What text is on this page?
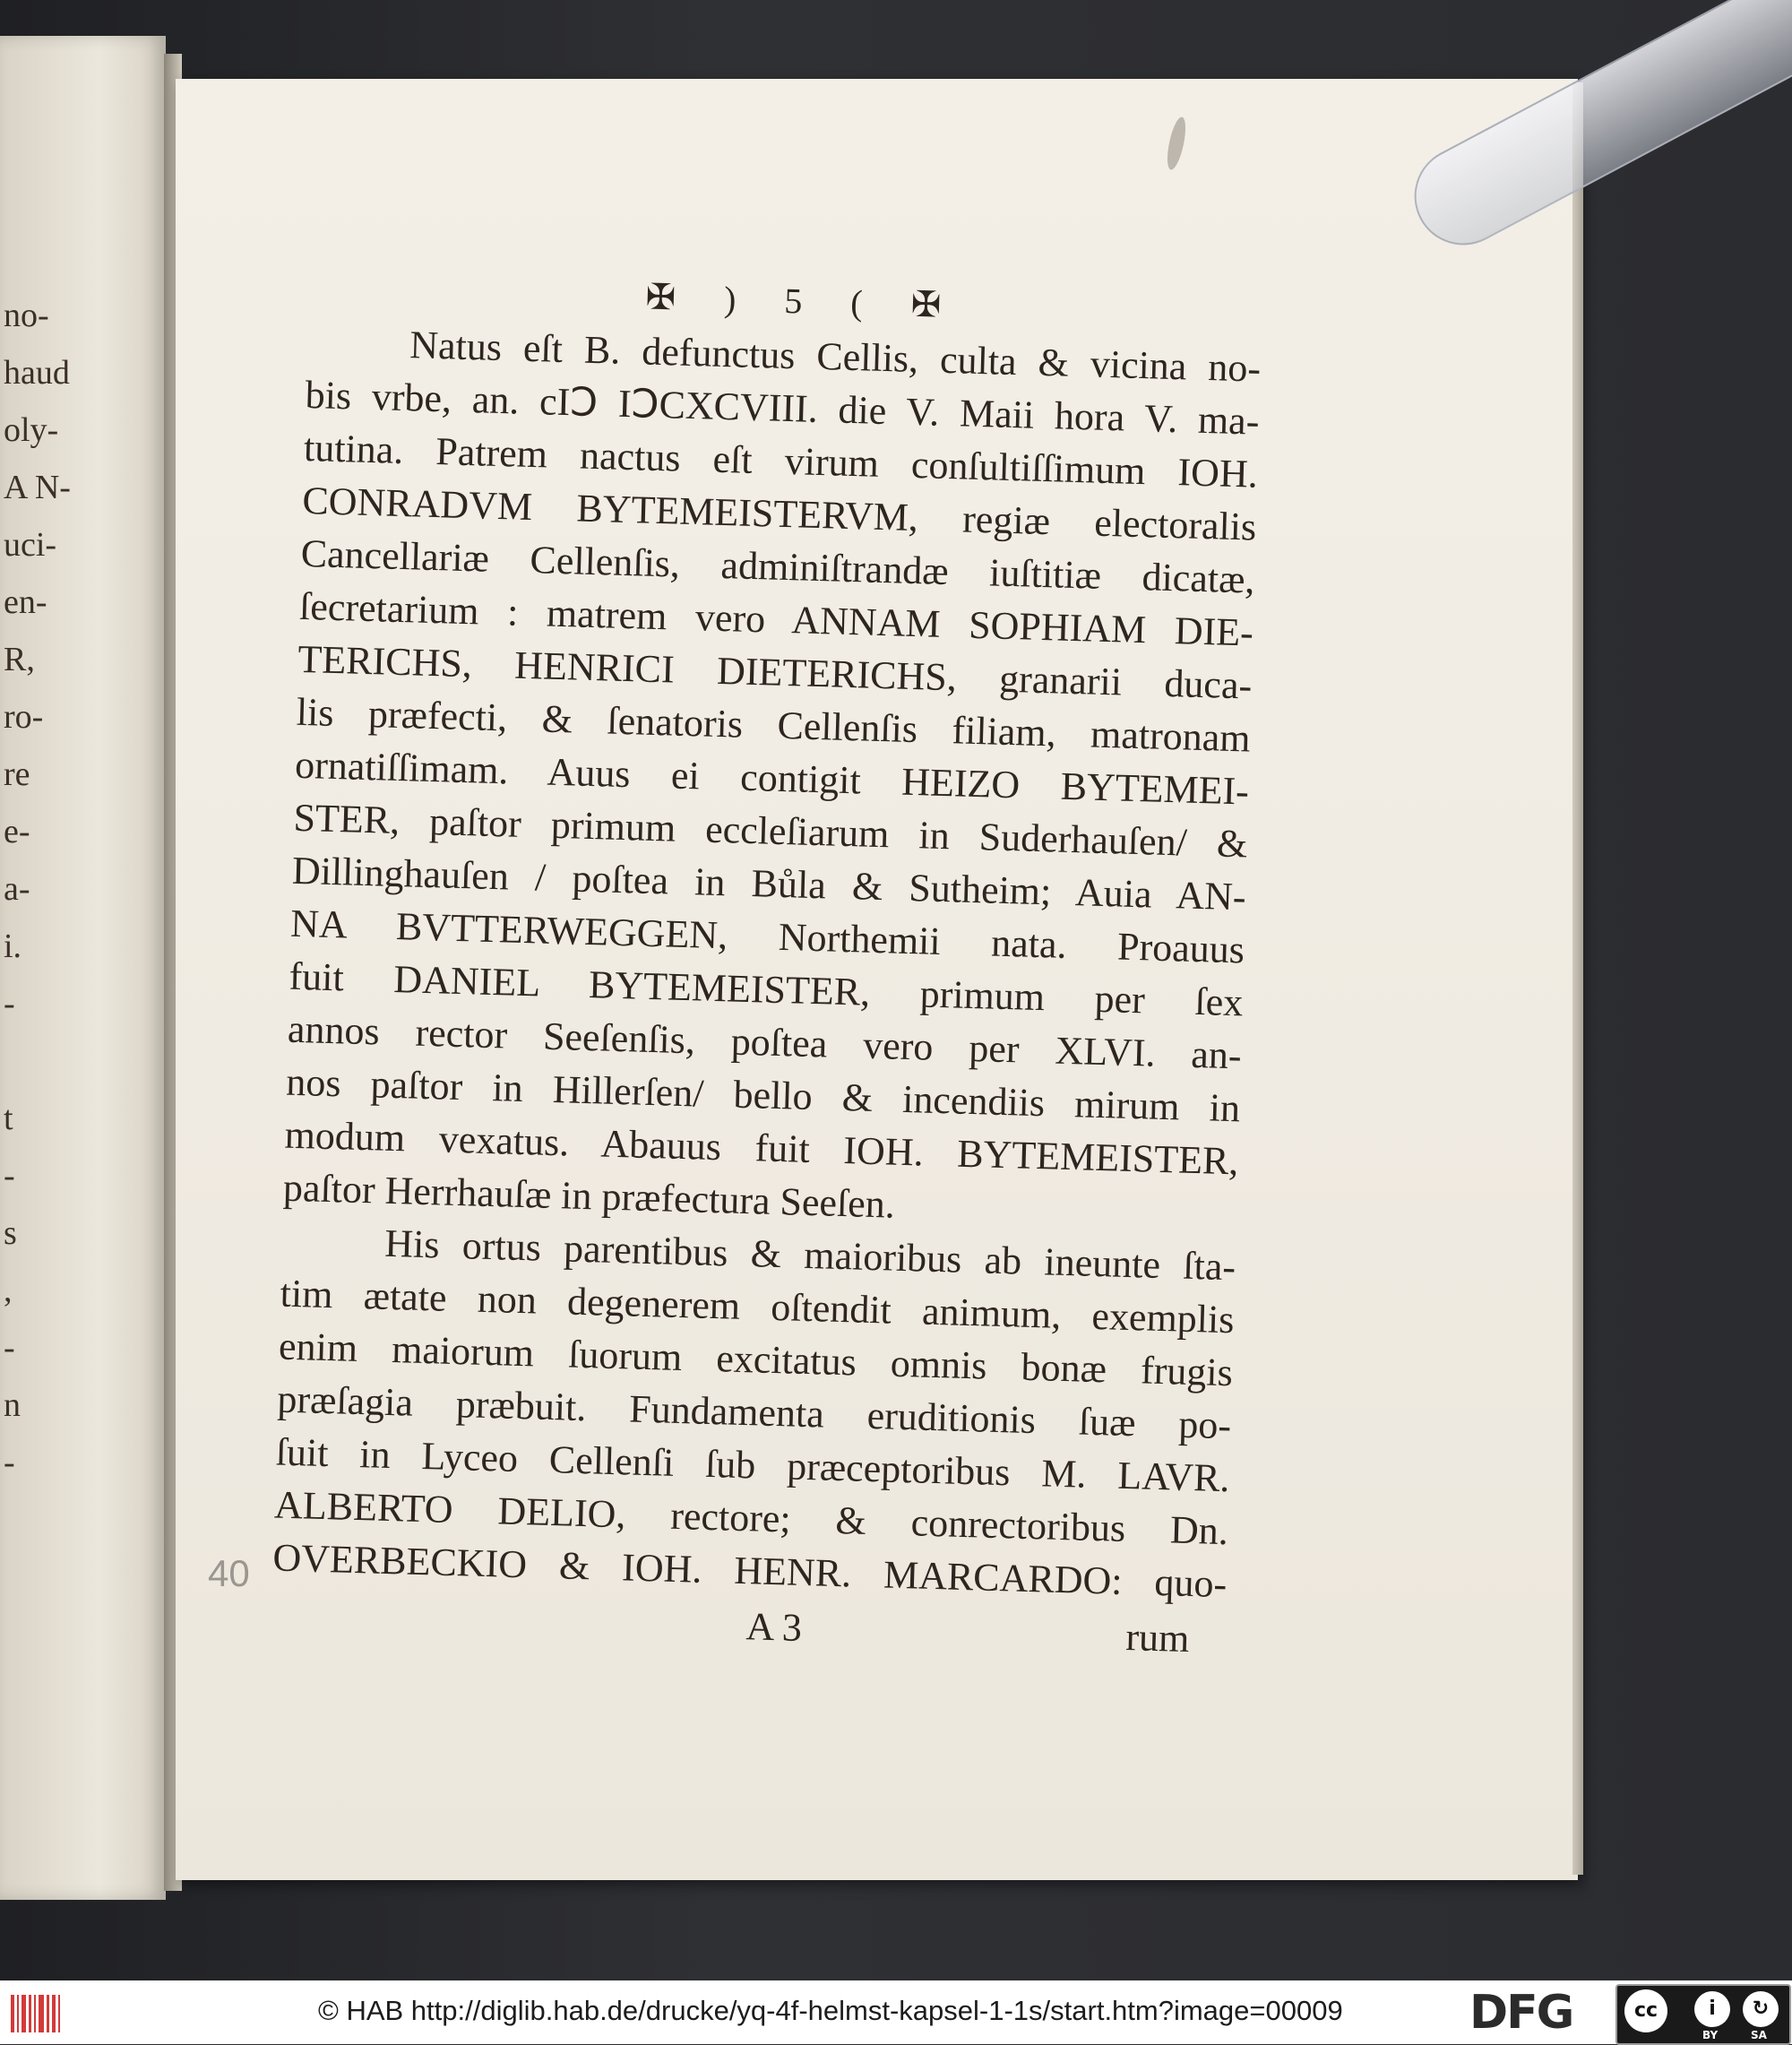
no-
haud
oly-
A N-
uci-
en-
R,
ro-
re
e-
a-
i.
-
t
-
s
,
-
n
-
✠ ) 5 ( ✠
Natus eſt B. defunctus Cellis, culta & vicina no-
bis vrbe, an. cIↃ IↃCXCVIII. die V. Maii hora V. ma-
tutina. Patrem nactus eſt virum conſultiſſimum IOH.
CONRADVM BYTEMEISTERVM, regiæ electoralis
Cancellariæ Cellenſis, adminiſtrandæ iuſtitiæ dicatæ,
ſecretarium : matrem vero ANNAM SOPHIAM DIE-
TERICHS, HENRICI DIETERICHS, granarii duca-
lis præfecti, & ſenatoris Cellenſis filiam, matronam
ornatiſſimam. Auus ei contigit HEIZO BYTEMEI-
STER, paſtor primum eccleſiarum in Suderhauſen/ &
Dillinghauſen / poſtea in Bůla & Sutheim; Auia AN-
NA BVTTERWEGGEN, Northemii nata. Proauus
fuit DANIEL BYTEMEISTER, primum per ſex
annos rector Seeſenſis, poſtea vero per XLVI. an-
nos paſtor in Hillerſen/ bello & incendiis mirum in
modum vexatus. Abauus fuit IOH. BYTEMEISTER,
paſtor Herrhauſæ in præfectura Seeſen.
His ortus parentibus & maioribus ab ineunte ſta-
tim ætate non degenerem oſtendit animum, exemplis
enim maiorum ſuorum excitatus omnis bonæ frugis
præſagia præbuit. Fundamenta eruditionis ſuæ po-
ſuit in Lyceo Cellenſi ſub præceptoribus M. LAVR.
ALBERTO DELIO, rectore; & conrectoribus Dn.
OVERBECKIO & IOH. HENR. MARCARDO: quo-
A 3	rum
40
© HAB http://diglib.hab.de/drucke/yq-4f-helmst-kapsel-1-1s/start.htm?image=00009	DFG	cc	i	↻
BY	SA
